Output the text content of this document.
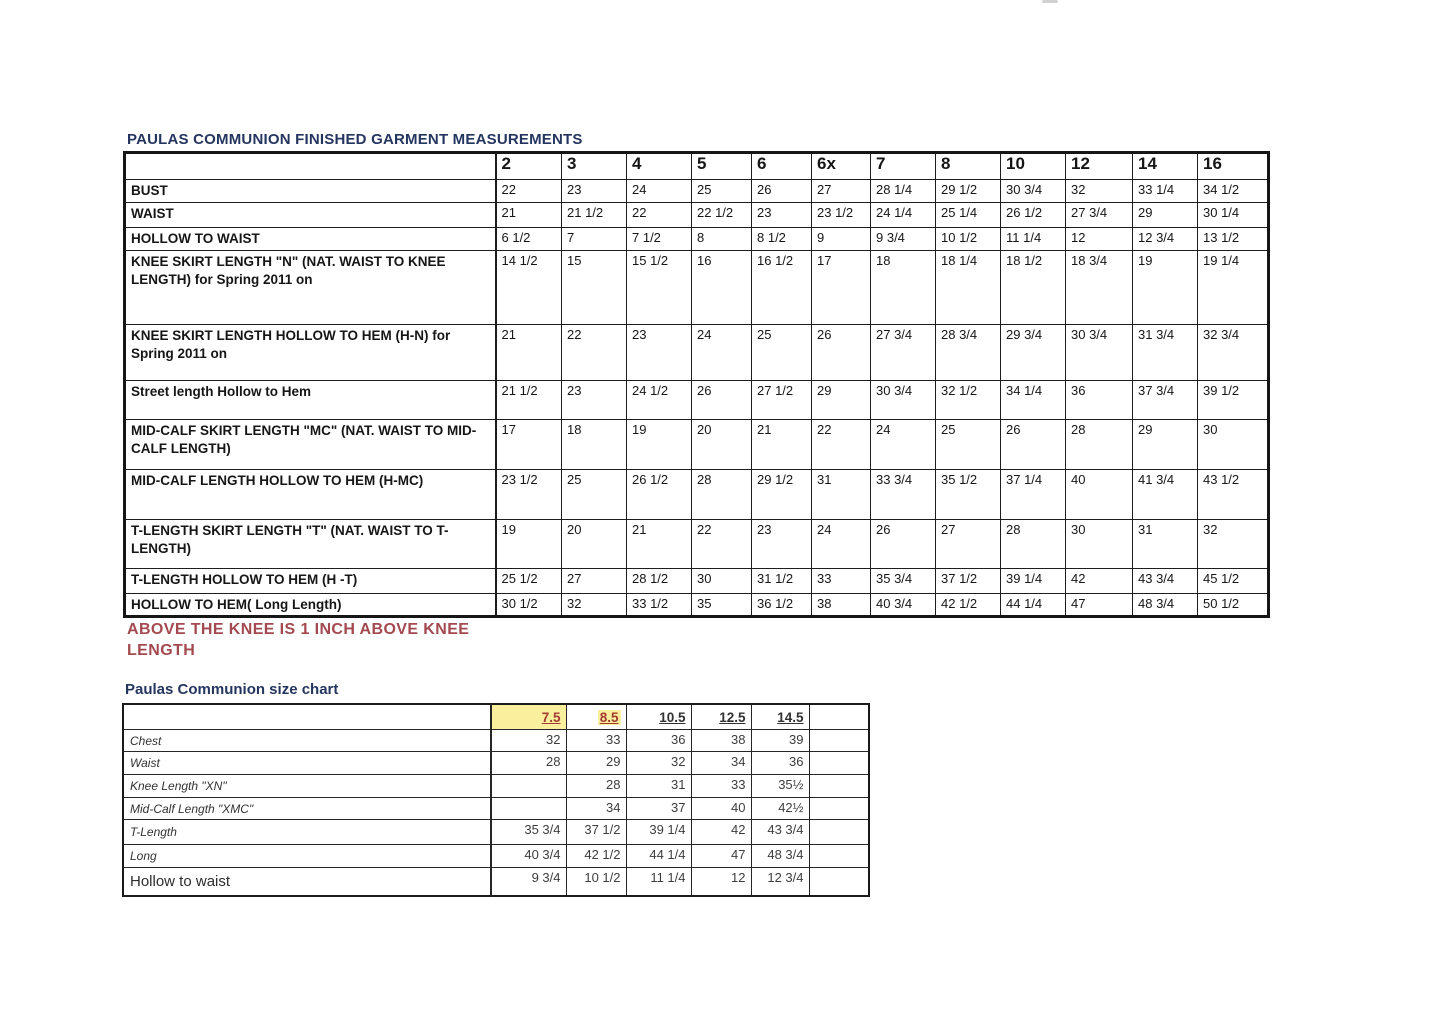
PAULAS COMMUNION FINISHED GARMENT MEASUREMENTS
	2	3	4	5	6	6x	7	8	10	12	14	16
BUST	22	23	24	25	26	27	28 1/4	29 1/2	30 3/4	32	33 1/4	34 1/2
WAIST	21	21 1/2	22	22 1/2	23	23 1/2	24 1/4	25 1/4	26 1/2	27 3/4	29	30 1/4
HOLLOW TO WAIST	6 1/2	7	7 1/2	8	8 1/2	9	9 3/4	10 1/2	11 1/4	12	12 3/4	13 1/2
KNEE SKIRT LENGTH "N" (NAT. WAIST TO KNEE LENGTH) for Spring 2011 on	14 1/2	15	15 1/2	16	16 1/2	17	18	18 1/4	18 1/2	18 3/4	19	19 1/4
KNEE SKIRT LENGTH HOLLOW TO HEM (H-N) for Spring 2011 on	21	22	23	24	25	26	27 3/4	28 3/4	29 3/4	30 3/4	31 3/4	32 3/4
Street length Hollow to Hem	21 1/2	23	24 1/2	26	27 1/2	29	30 3/4	32 1/2	34 1/4	36	37 3/4	39 1/2
MID-CALF SKIRT LENGTH "MC" (NAT. WAIST TO MID-CALF LENGTH)	17	18	19	20	21	22	24	25	26	28	29	30
MID-CALF LENGTH HOLLOW TO HEM (H-MC)	23 1/2	25	26 1/2	28	29 1/2	31	33 3/4	35 1/2	37 1/4	40	41 3/4	43 1/2
T-LENGTH SKIRT LENGTH "T" (NAT. WAIST TO T-LENGTH)	19	20	21	22	23	24	26	27	28	30	31	32
T-LENGTH HOLLOW TO HEM (H -T)	25 1/2	27	28 1/2	30	31 1/2	33	35 3/4	37 1/2	39 1/4	42	43 3/4	45 1/2
HOLLOW TO HEM( Long Length)	30 1/2	32	33 1/2	35	36 1/2	38	40 3/4	42 1/2	44 1/4	47	48 3/4	50 1/2
ABOVE THE KNEE IS 1 INCH ABOVE KNEE
LENGTH
Paulas Communion size chart
	7.5	8.5	10.5	12.5	14.5	
Chest	32	33	36	38	39	
Waist	28	29	32	34	36	
Knee Length "XN"		28	31	33	35½	
Mid-Calf Length "XMC"		34	37	40	42½	
T-Length	35 3/4	37 1/2	39 1/4	42	43 3/4	
Long	40 3/4	42 1/2	44 1/4	47	48 3/4	
Hollow to waist	9 3/4	10 1/2	11 1/4	12	12 3/4	
